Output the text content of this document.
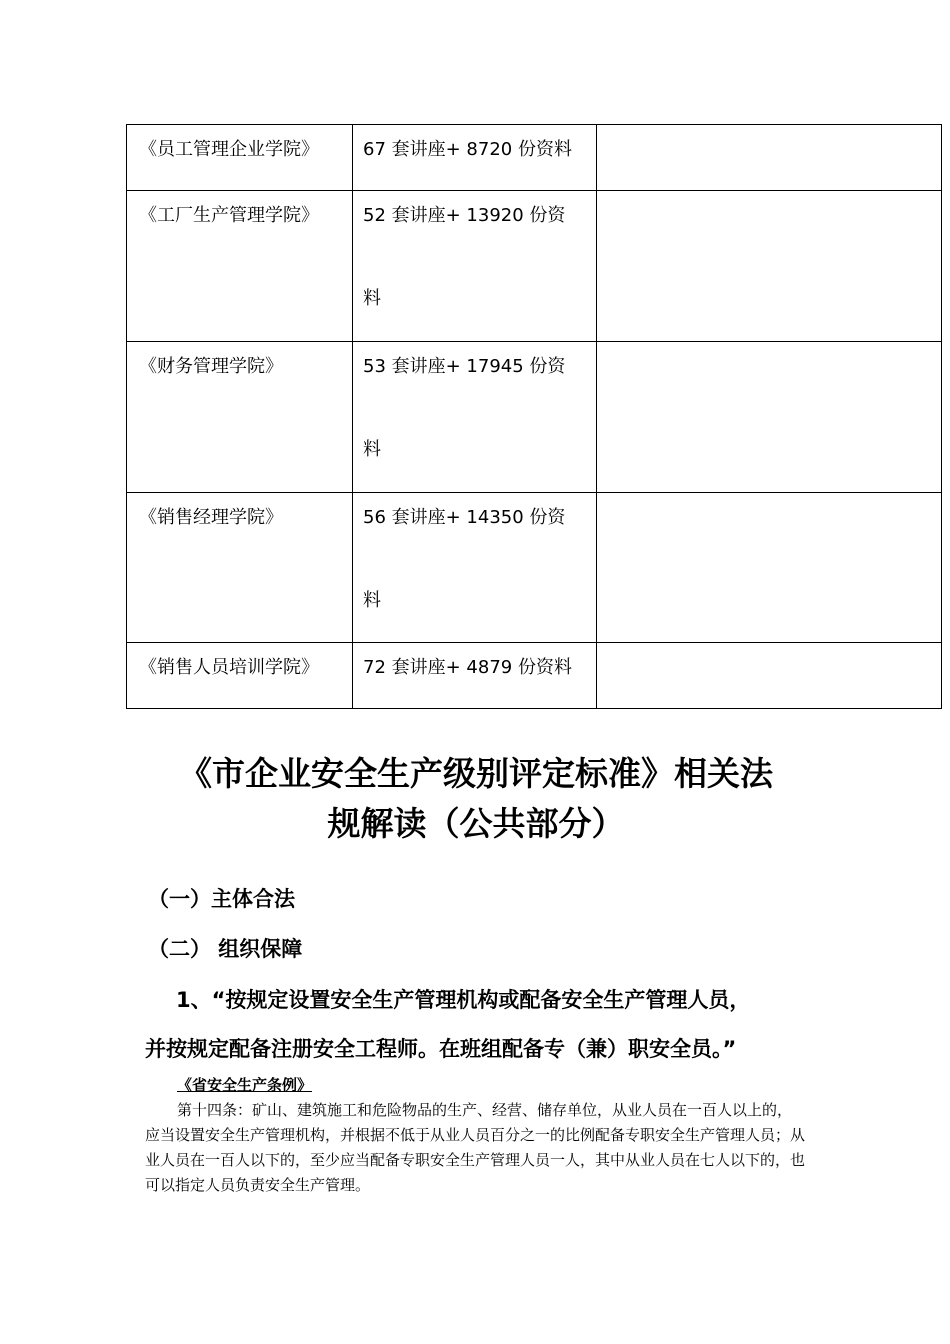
《员工管理企业学院》	67 套讲座+ 8720 份资料	

《工厂生产管理学院》	52 套讲座+ 13920 份资
料	

《财务管理学院》	53 套讲座+ 17945 份资
料	

《销售经理学院》	56 套讲座+ 14350 份资
料	

《销售人员培训学院》	72 套讲座+ 4879 份资料	

《市企业安全生产级别评定标准》相关法
规解读（公共部分）
（一）主体合法
（二） 组织保障
1、“按规定设置安全生产管理机构或配备安全生产管理人员，
并按规定配备注册安全工程师。在班组配备专（兼）职安全员。”
《省安全生产条例》
第十四条：矿山、建筑施工和危险物品的生产、经营、储存单位，从业人员在一百人以上的，应当设置安全生产管理机构，并根据不低于从业人员百分之一的比例配备专职安全生产管理人员；从业人员在一百人以下的，至少应当配备专职安全生产管理人员一人，其中从业人员在七人以下的，也可以指定人员负责安全生产管理。
